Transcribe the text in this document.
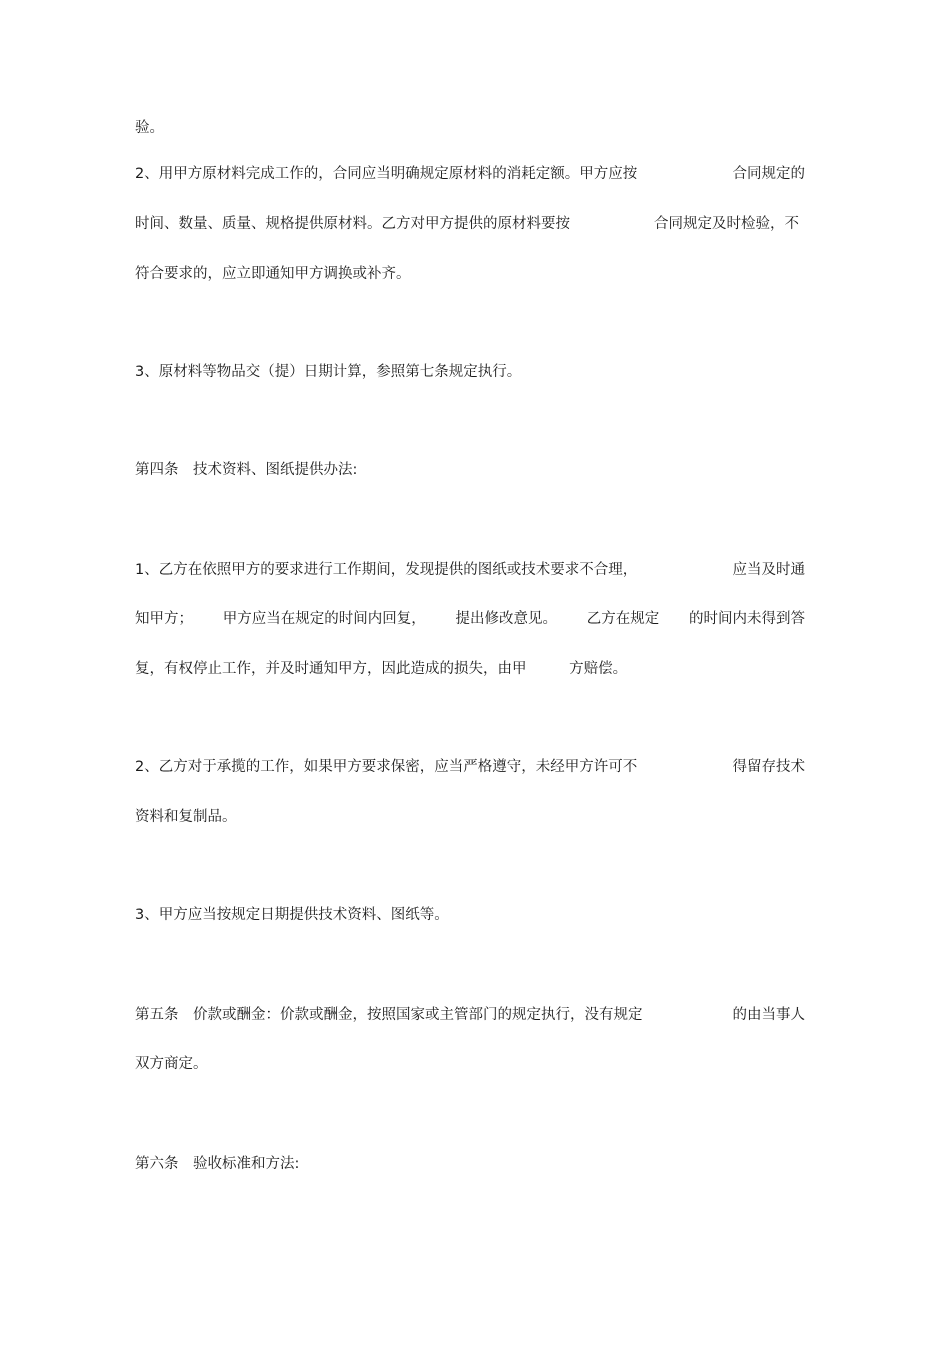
验。
2、用甲方原材料完成工作的，合同应当明确规定原材料的消耗定额。甲方应按	合同规定的
时间、数量、质量、规格提供原材料。乙方对甲方提供的原材料要按	合同规定及时检验，不
符合要求的，应立即通知甲方调换或补齐。
3、原材料等物品交（提）日期计算，参照第七条规定执行。
第四条　技术资料、图纸提供办法:
1、乙方在依照甲方的要求进行工作期间，发现提供的图纸或技术要求不合理，	应当及时通
知甲方； 甲方应当在规定的时间内回复， 提出修改意见。 乙方在规定 的时间内未得到答
复，有权停止工作，并及时通知甲方，因此造成的损失，由甲	方赔偿。
2、乙方对于承揽的工作，如果甲方要求保密，应当严格遵守，未经甲方许可不	得留存技术
资料和复制品。
3、甲方应当按规定日期提供技术资料、图纸等。
第五条　价款或酬金：价款或酬金，按照国家或主管部门的规定执行，没有规定	的由当事人
双方商定。
第六条　验收标准和方法:
